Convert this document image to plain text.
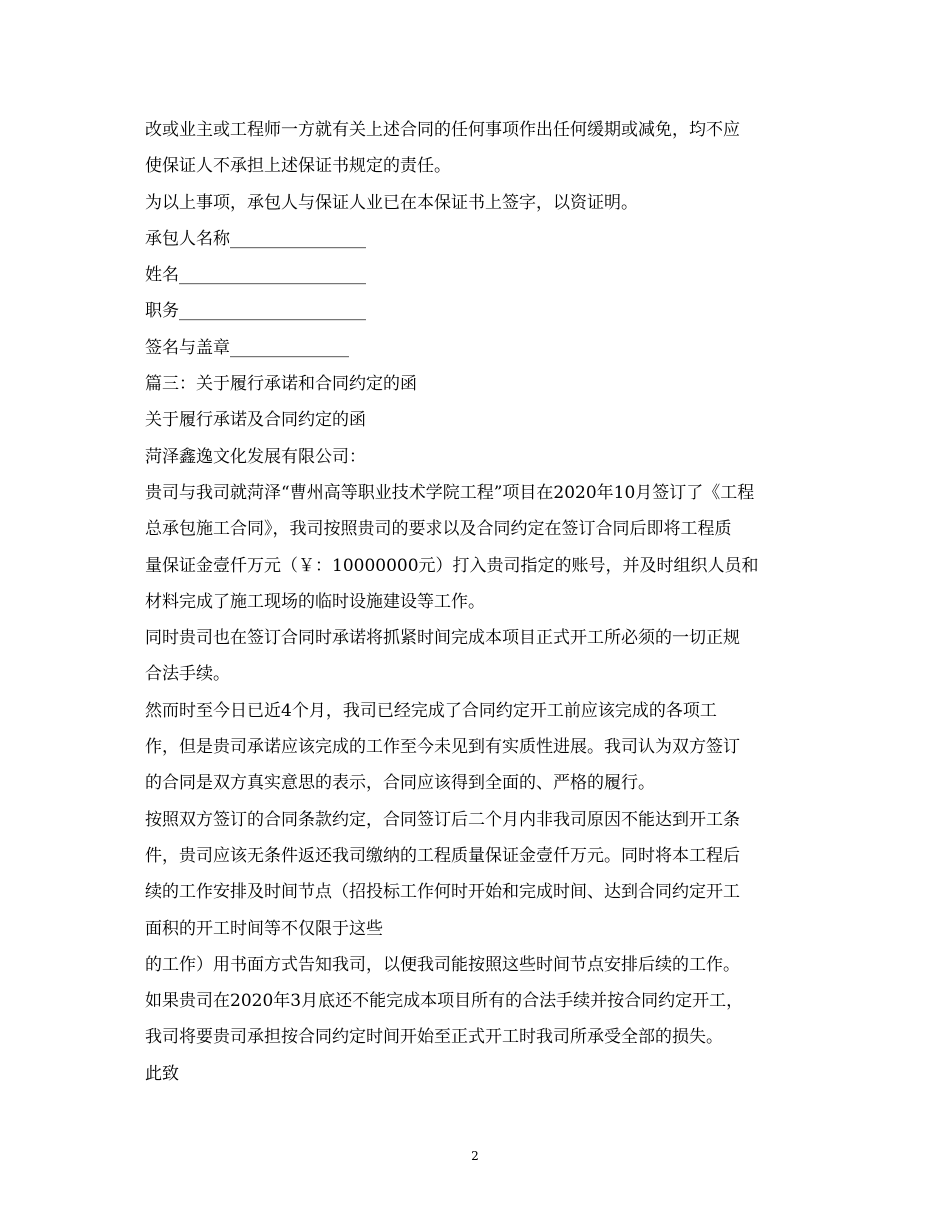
改或业主或工程师一方就有关上述合同的任何事项作出任何缓期或减免，均不应
使保证人不承担上述保证书规定的责任。
为以上事项，承包人与保证人业已在本保证书上签字，以资证明。
承包人名称________________
姓名______________________
职务______________________
签名与盖章______________
篇三：关于履行承诺和合同约定的函
关于履行承诺及合同约定的函
菏泽鑫逸文化发展有限公司：
贵司与我司就菏泽“曹州高等职业技术学院工程”项目在2020年10月签订了《工程
总承包施工合同》，我司按照贵司的要求以及合同约定在签订合同后即将工程质
量保证金壹仟万元（￥：10000000元）打入贵司指定的账号，并及时组织人员和
材料完成了施工现场的临时设施建设等工作。
同时贵司也在签订合同时承诺将抓紧时间完成本项目正式开工所必须的一切正规
合法手续。
然而时至今日已近4个月，我司已经完成了合同约定开工前应该完成的各项工
作，但是贵司承诺应该完成的工作至今未见到有实质性进展。我司认为双方签订
的合同是双方真实意思的表示，合同应该得到全面的、严格的履行。
按照双方签订的合同条款约定，合同签订后二个月内非我司原因不能达到开工条
件，贵司应该无条件返还我司缴纳的工程质量保证金壹仟万元。同时将本工程后
续的工作安排及时间节点（招投标工作何时开始和完成时间、达到合同约定开工
面积的开工时间等不仅限于这些
的工作）用书面方式告知我司，以便我司能按照这些时间节点安排后续的工作。
如果贵司在2020年3月底还不能完成本项目所有的合法手续并按合同约定开工，
我司将要贵司承担按合同约定时间开始至正式开工时我司所承受全部的损失。
此致
2
